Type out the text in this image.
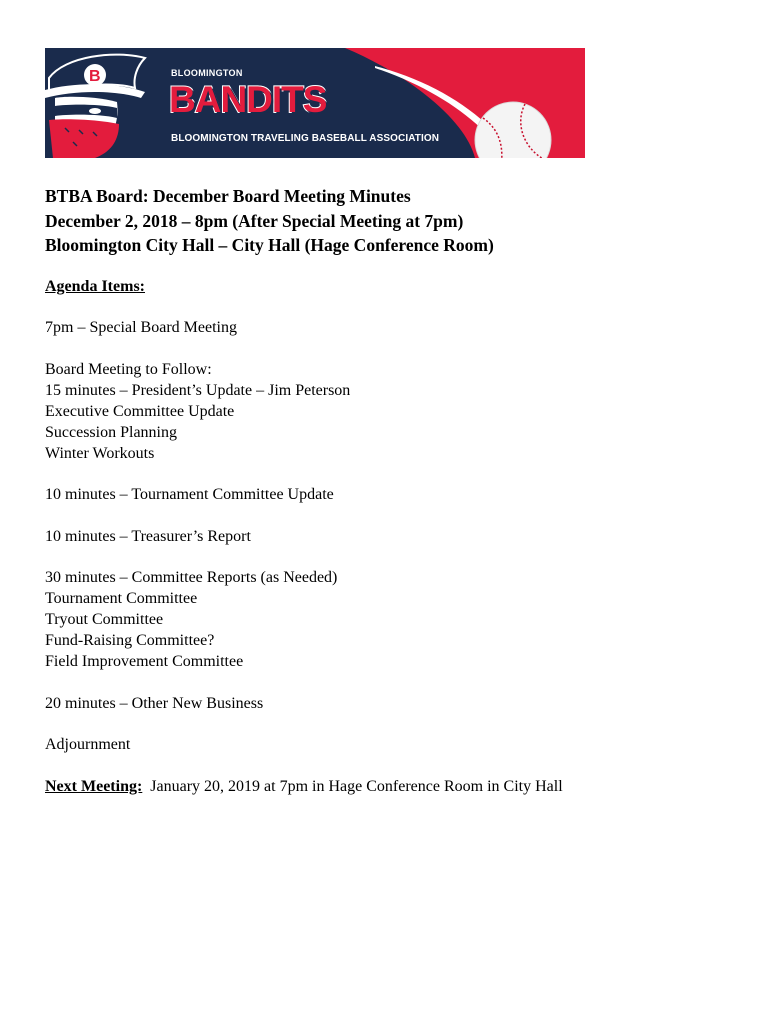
B	BLOOMINGTON
BANDITS
BLOOMINGTON TRAVELING BASEBALL ASSOCIATION
BTBA Board: December Board Meeting Minutes
December 2, 2018 – 8pm (After Special Meeting at 7pm)
Bloomington City Hall – City Hall (Hage Conference Room)
Agenda Items:
7pm – Special Board Meeting
Board Meeting to Follow:
15 minutes – President’s Update – Jim Peterson
Executive Committee Update
Succession Planning
Winter Workouts
10 minutes – Tournament Committee Update
10 minutes – Treasurer’s Report
30 minutes – Committee Reports (as Needed)
Tournament Committee
Tryout Committee
Fund-Raising Committee?
Field Improvement Committee
20 minutes – Other New Business
Adjournment
Next Meeting: January 20, 2019 at 7pm in Hage Conference Room in City Hall
